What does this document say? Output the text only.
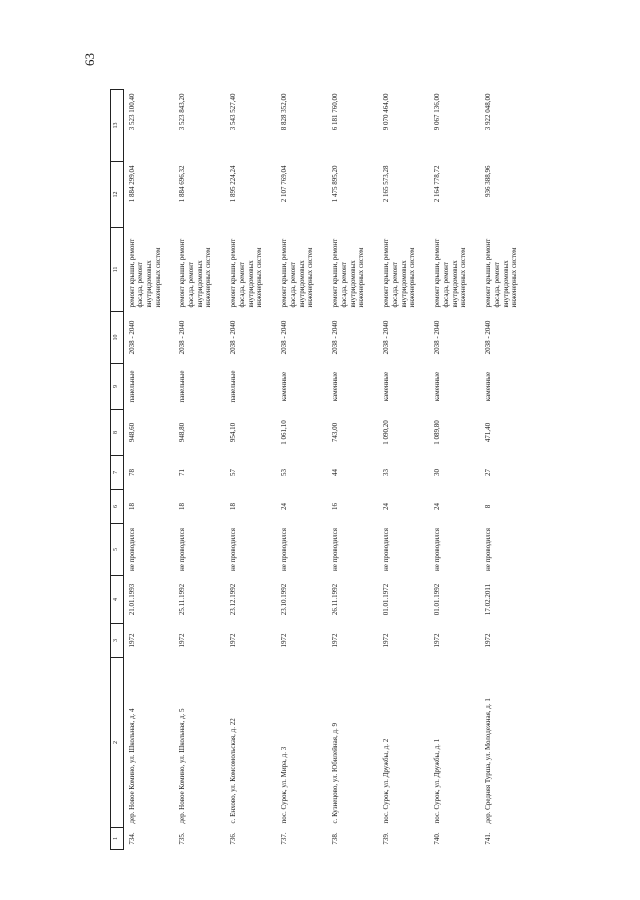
63
1	2	3	4	5	6	7	8	9	10	11	12	13
734.	дер. Новое Комино, ул. Школьная, д. 4	1972	21.01.1993	не проводился	18	78	948,60	панельные	2038 - 2040	ремонт крыши, ремонт фасада, ремонт внутридомовых инженерных систем	1 884 299,04	3 523 100,40
735.	дер. Новое Комино, ул. Школьная, д. 5	1972	25.11.1992	не проводился	18	71	948,80	панельные	2038 - 2040	ремонт крыши, ремонт фасада, ремонт внутридомовых инженерных систем	1 884 696,32	3 523 843,20
736.	с. Енхово, ул. Комсомольская, д. 22	1972	23.12.1992	не проводился	18	57	954,10	панельные	2038 - 2040	ремонт крыши, ремонт фасада, ремонт внутридомовых инженерных систем	1 895 224,24	3 543 527,40
737.	пос. Сурок, ул. Мира, д. 3	1972	23.10.1992	не проводился	24	53	1 061,10	каменные	2038 - 2040	ремонт крыши, ремонт фасада, ремонт внутридомовых инженерных систем	2 107 769,04	8 828 352,00
738.	с. Кузнецово, ул. Юбилейная, д. 9	1972	26.11.1992	не проводился	16	44	743,00	каменные	2038 - 2040	ремонт крыши, ремонт фасада, ремонт внутридомовых инженерных систем	1 475 895,20	6 181 760,00
739.	пос. Сурок, ул. Дружбы, д. 2	1972	01.01.1972	не проводился	24	33	1 090,20	каменные	2038 - 2040	ремонт крыши, ремонт фасада, ремонт внутридомовых инженерных систем	2 165 573,28	9 070 464,00
740.	пос. Сурок, ул. Дружбы, д. 1	1972	01.01.1992	не проводился	24	30	1 089,80	каменные	2038 - 2040	ремонт крыши, ремонт фасада, ремонт внутридомовых инженерных систем	2 164 778,72	9 067 136,00
741.	дер. Средняя Турша, ул. Молодежная, д. 1	1972	17.02.2011	не проводился	8	27	471,40	каменные	2038 - 2040	ремонт крыши, ремонт фасада, ремонт внутридомовых инженерных систем	936 388,96	3 922 048,00
